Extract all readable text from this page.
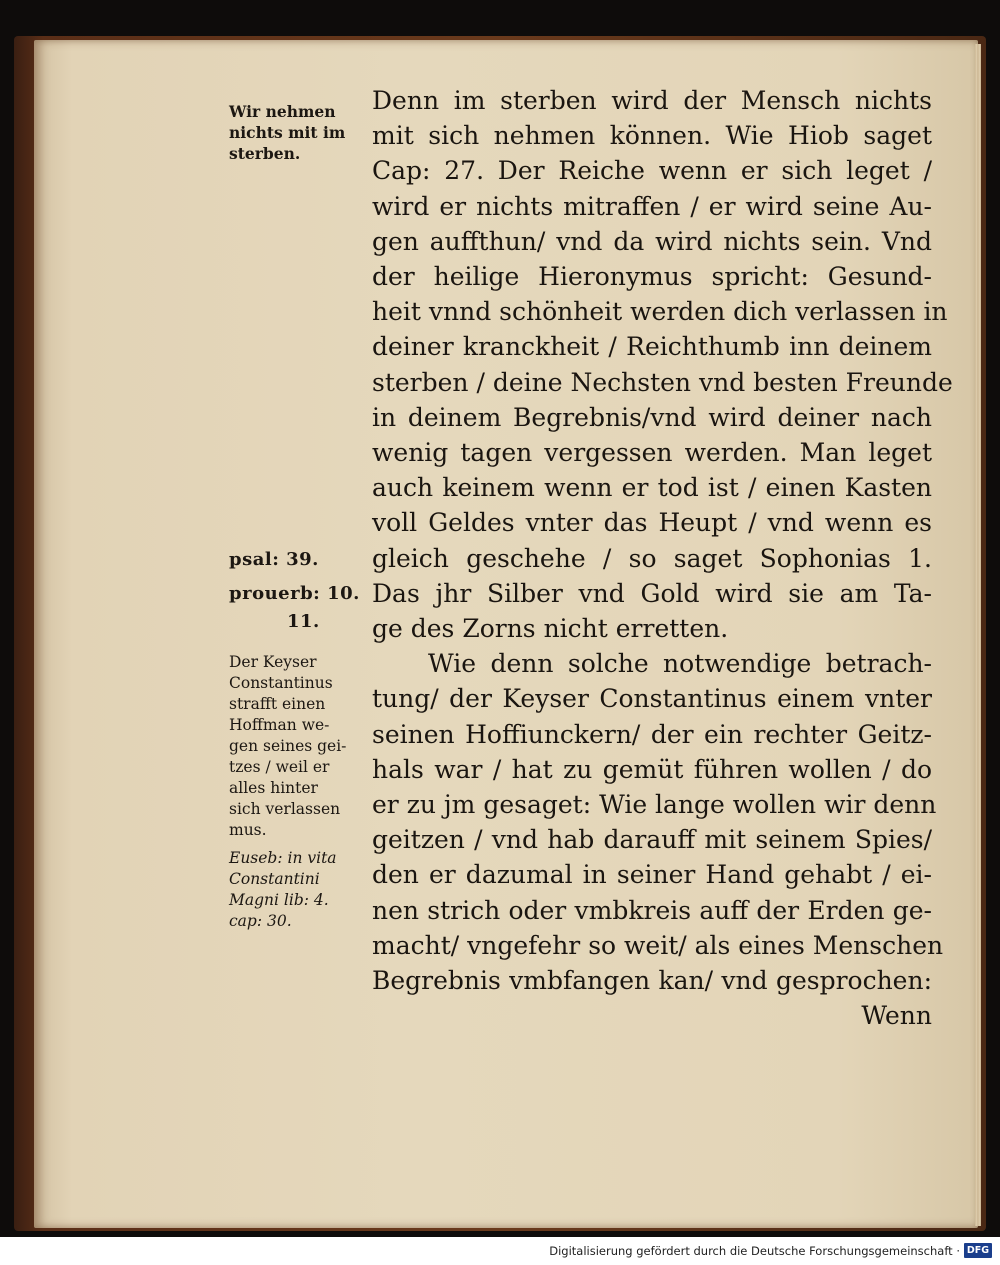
Wir nehmen
nichts mit im
sterben.
psal: 39.
prouerb: 10.
11.
Der Keyser
Constantinus
strafft einen
Hoffman we-
gen seines gei-
tzes / weil er
alles hinter
sich verlassen
mus.
Euseb: in vita
Constantini
Magni lib: 4.
cap: 30.
Denn im sterben wird der Mensch nichts
mit sich nehmen können. Wie Hiob saget
Cap: 27. Der Reiche wenn er sich leget /
wird er nichts mitraffen / er wird seine Au-
gen auffthun/ vnd da wird nichts sein. Vnd
der heilige Hieronymus spricht: Gesund-
heit vnnd schönheit werden dich verlassen in
deiner kranckheit / Reichthumb inn deinem
sterben / deine Nechsten vnd besten Freunde
in deinem Begrebnis/vnd wird deiner nach
wenig tagen vergessen werden. Man leget
auch keinem wenn er tod ist / einen Kasten
voll Geldes vnter das Heupt / vnd wenn es
gleich geschehe / so saget Sophonias 1.
Das jhr Silber vnd Gold wird sie am Ta-
ge des Zorns nicht erretten.
Wie denn solche notwendige betrach-
tung/ der Keyser Constantinus einem vnter
seinen Hoffiunckern/ der ein rechter Geitz-
hals war / hat zu gemüt führen wollen / do
er zu jm gesaget: Wie lange wollen wir denn
geitzen / vnd hab darauff mit seinem Spies/
den er dazumal in seiner Hand gehabt / ei-
nen strich oder vmbkreis auff der Erden ge-
macht/ vngefehr so weit/ als eines Menschen
Begrebnis vmbfangen kan/ vnd gesprochen:
Wenn
Digitalisierung gefördert durch die Deutsche Forschungsgemeinschaft · DFG
